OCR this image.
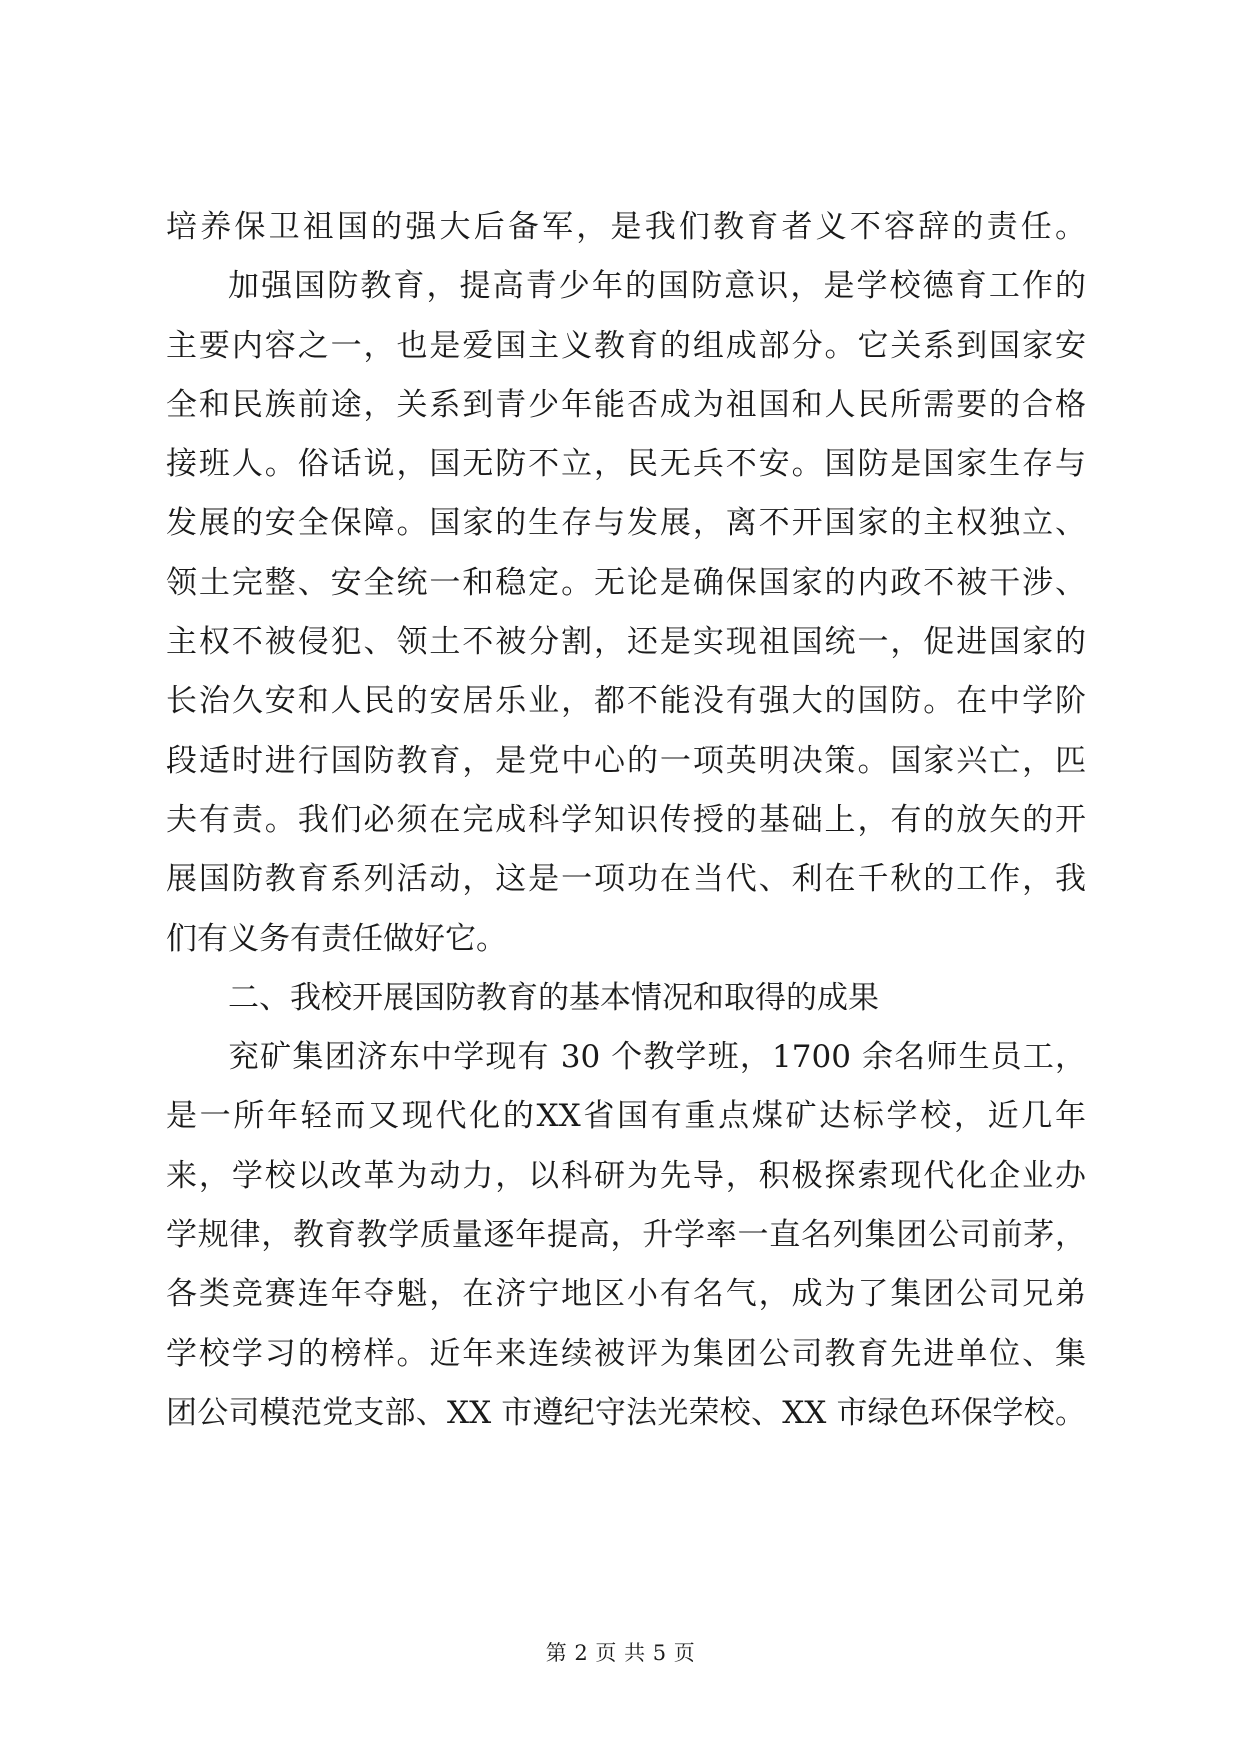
培养保卫祖国的强大后备军，是我们教育者义不容辞的责任。
加强国防教育，提高青少年的国防意识，是学校德育工作的
主要内容之一，也是爱国主义教育的组成部分。它关系到国家安
全和民族前途，关系到青少年能否成为祖国和人民所需要的合格
接班人。俗话说，国无防不立，民无兵不安。国防是国家生存与
发展的安全保障。国家的生存与发展，离不开国家的主权独立、
领土完整、安全统一和稳定。无论是确保国家的内政不被干涉、
主权不被侵犯、领土不被分割，还是实现祖国统一，促进国家的
长治久安和人民的安居乐业，都不能没有强大的国防。在中学阶
段适时进行国防教育，是党中心的一项英明决策。国家兴亡，匹
夫有责。我们必须在完成科学知识传授的基础上，有的放矢的开
展国防教育系列活动，这是一项功在当代、利在千秋的工作，我
们有义务有责任做好它。
二、我校开展国防教育的基本情况和取得的成果
兖矿集团济东中学现有 30 个教学班，1700 余名师生员工，
是一所年轻而又现代化的XX省国有重点煤矿达标学校，近几年
来，学校以改革为动力，以科研为先导，积极探索现代化企业办
学规律，教育教学质量逐年提高，升学率一直名列集团公司前茅，
各类竞赛连年夺魁，在济宁地区小有名气，成为了集团公司兄弟
学校学习的榜样。近年来连续被评为集团公司教育先进单位、集
团公司模范党支部、XX 市遵纪守法光荣校、XX 市绿色环保学校。
第 2 页 共 5 页
